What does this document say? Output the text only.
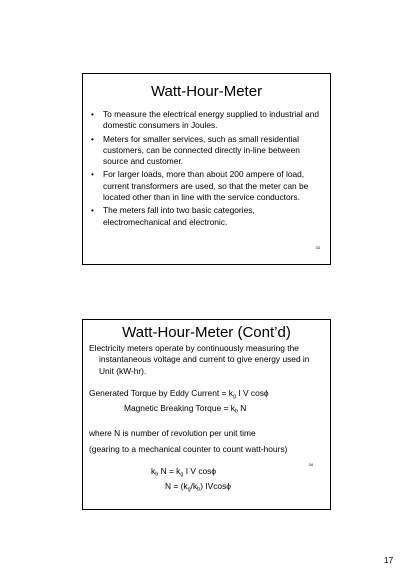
Watt-Hour-Meter
• To measure the electrical energy supplied to industrial and domestic consumers in Joules.
• Meters for smaller services, such as small residential customers, can be connected directly in-line between source and customer.
• For larger loads, more than about 200 ampere of load, current transformers are used, so that the meter can be located other than in line with the service conductors.
• The meters fall into two basic categories, electromechanical and electronic.
33
Watt-Hour-Meter (Cont’d)
Electricity meters operate by continuously measuring the instantaneous voltage and current to give energy used in Unit (kW-hr).
Generated Torque by Eddy Current = $k_g$ I V cosϕ
Magnetic Breaking Torque = $k_b$ N
where N is number of revolution per unit time
(gearing to a mechanical counter to count watt-hours)
$k_b$ $N = k_g$ I V cosϕ
$N = (k_g/k_b)$ IVcosϕ
34
17
